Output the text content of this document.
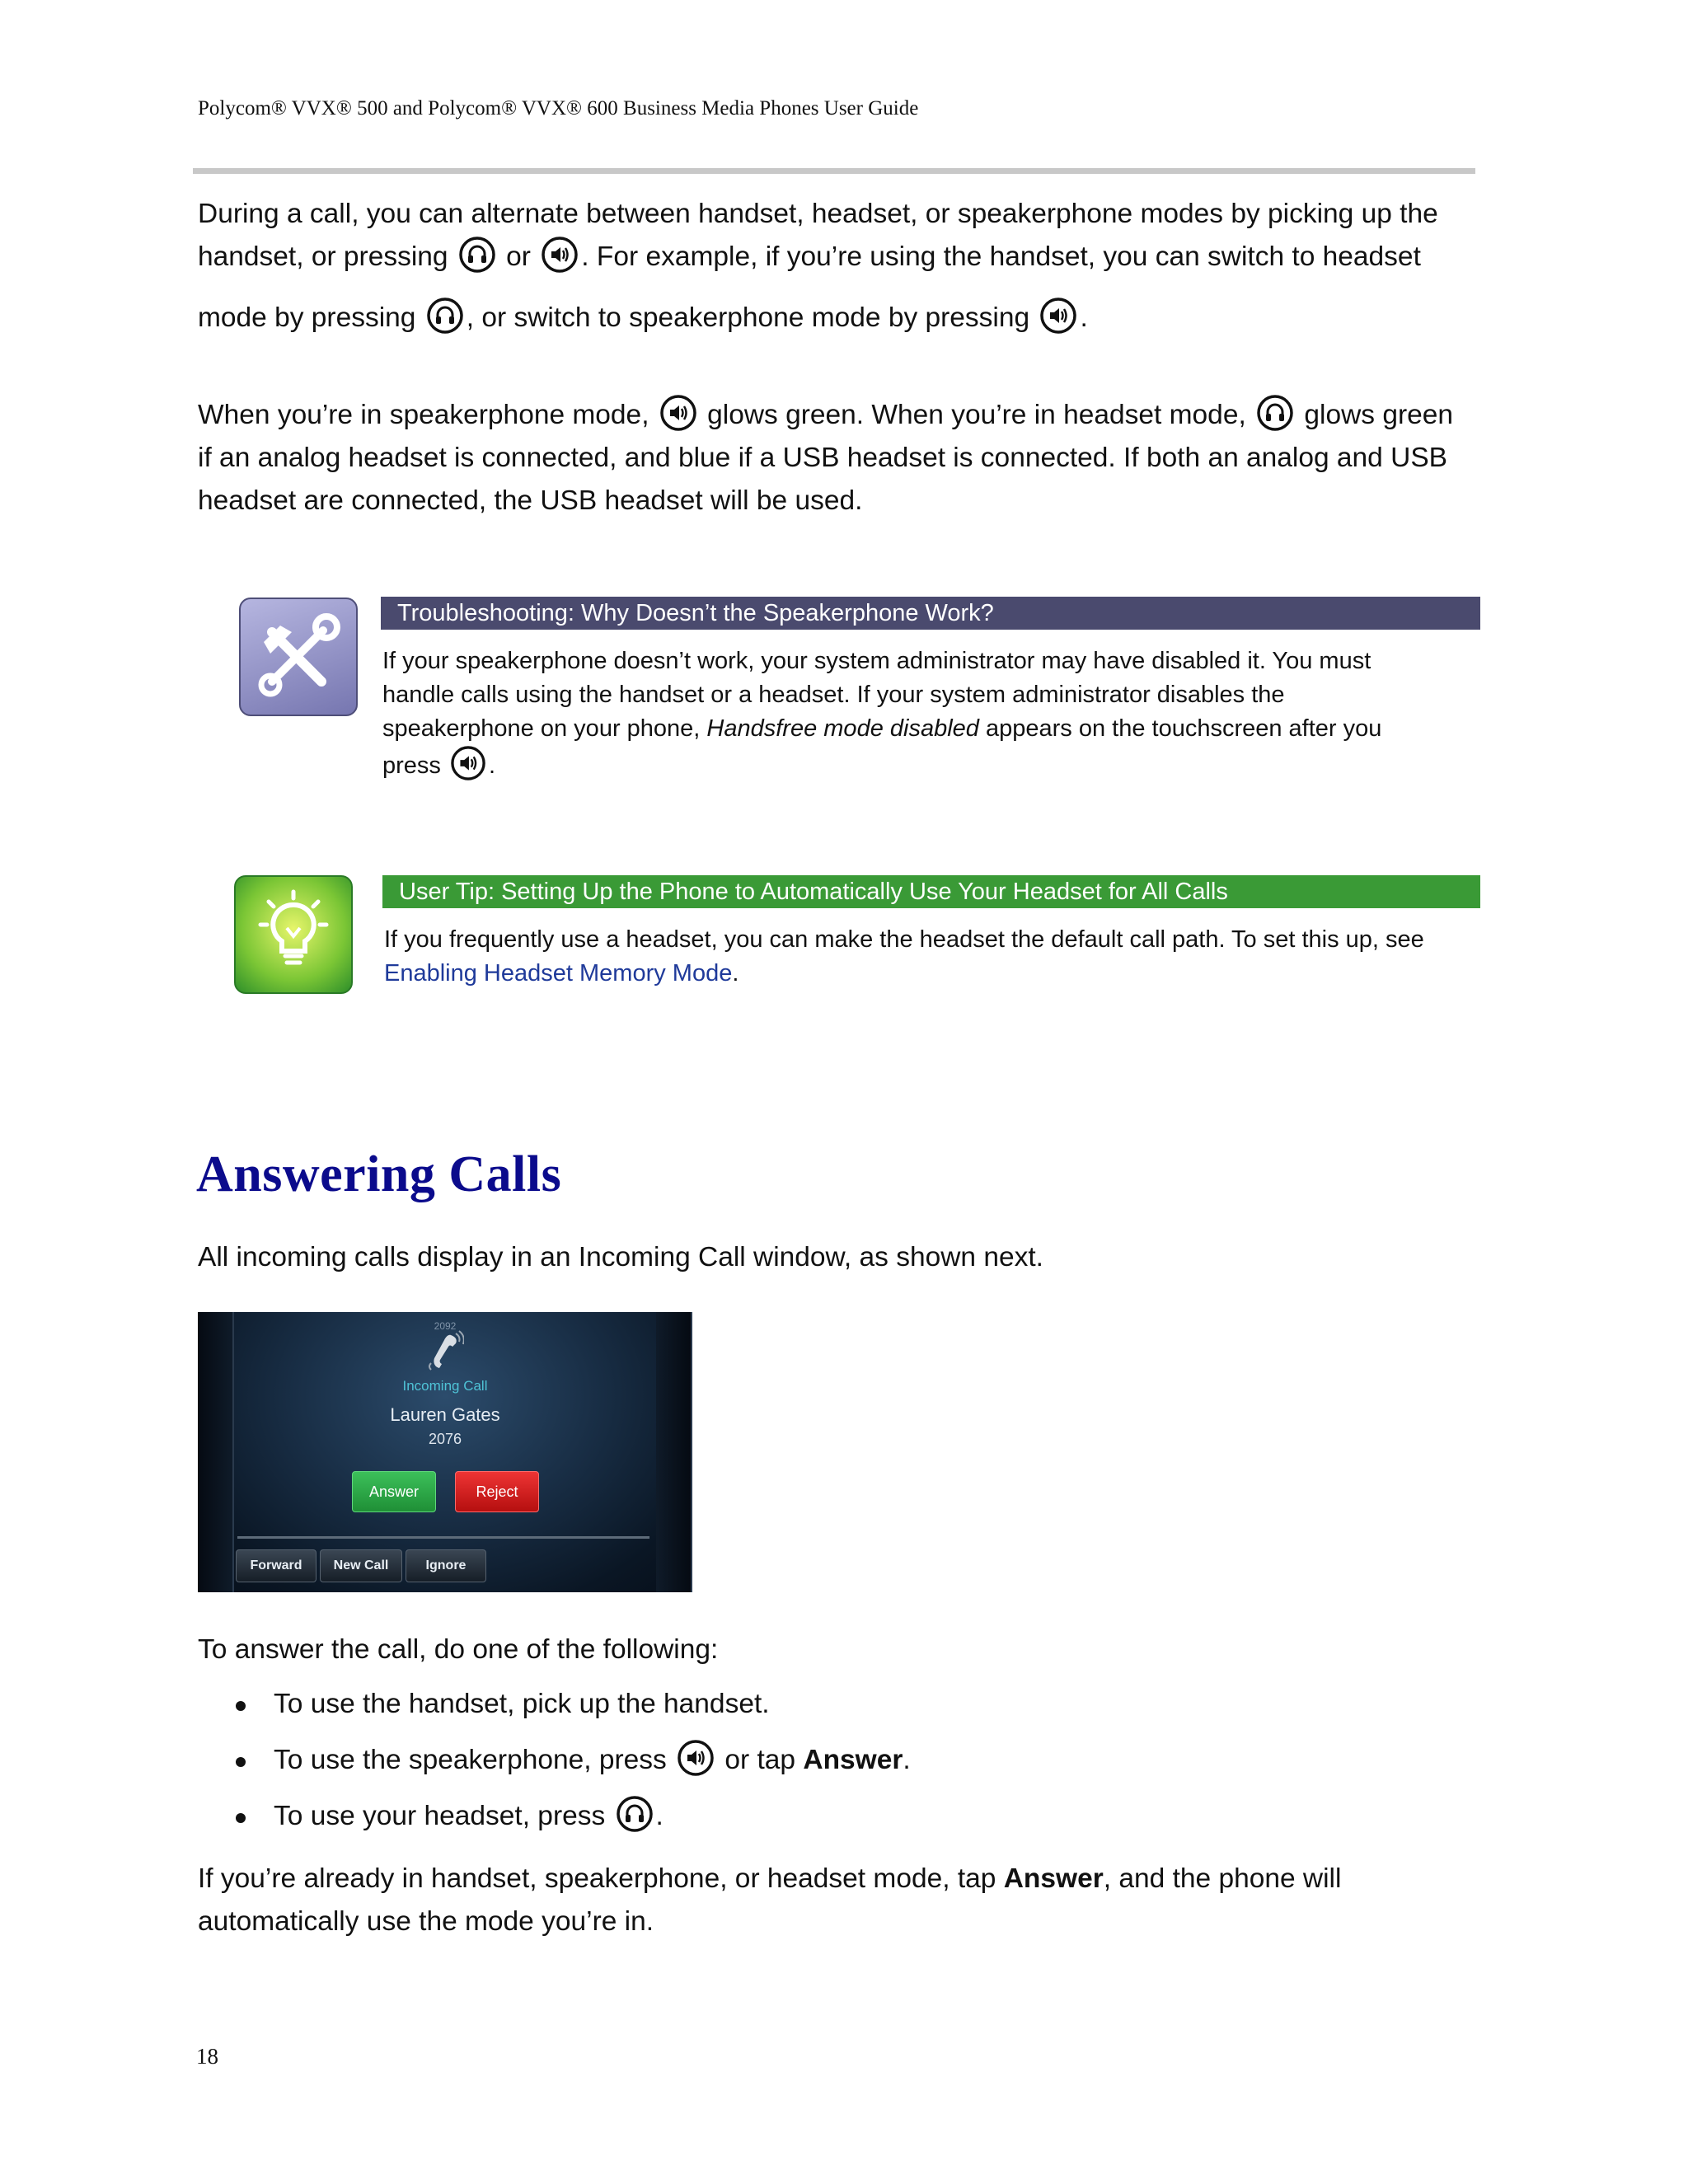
Polycom® VVX® 500 and Polycom® VVX® 600 Business Media Phones User Guide
During a call, you can alternate between handset, headset, or speakerphone modes by picking up the
handset, or pressing or . For example, if you’re using the handset, you can switch to headset
mode by pressing , or switch to speakerphone mode by pressing .
When you’re in speakerphone mode, glows green. When you’re in headset mode, glows green
if an analog headset is connected, and blue if a USB headset is connected. If both an analog and USB
headset are connected, the USB headset will be used.
Troubleshooting: Why Doesn’t the Speakerphone Work?
If your speakerphone doesn’t work, your system administrator may have disabled it. You must
handle calls using the handset or a headset. If your system administrator disables the
speakerphone on your phone, Handsfree mode disabled appears on the touchscreen after you
press .
User Tip: Setting Up the Phone to Automatically Use Your Headset for All Calls
If you frequently use a headset, you can make the headset the default call path. To set this up, see
Enabling Headset Memory Mode.
Answering Calls
All incoming calls display in an Incoming Call window, as shown next.
2092
Incoming Call
Lauren Gates
2076
Answer	Reject
Forward	New Call	Ignore
To answer the call, do one of the following:
To use the handset, pick up the handset.
To use the speakerphone, press or tap Answer.
To use your headset, press .
If you’re already in handset, speakerphone, or headset mode, tap Answer, and the phone will
automatically use the mode you’re in.
18
